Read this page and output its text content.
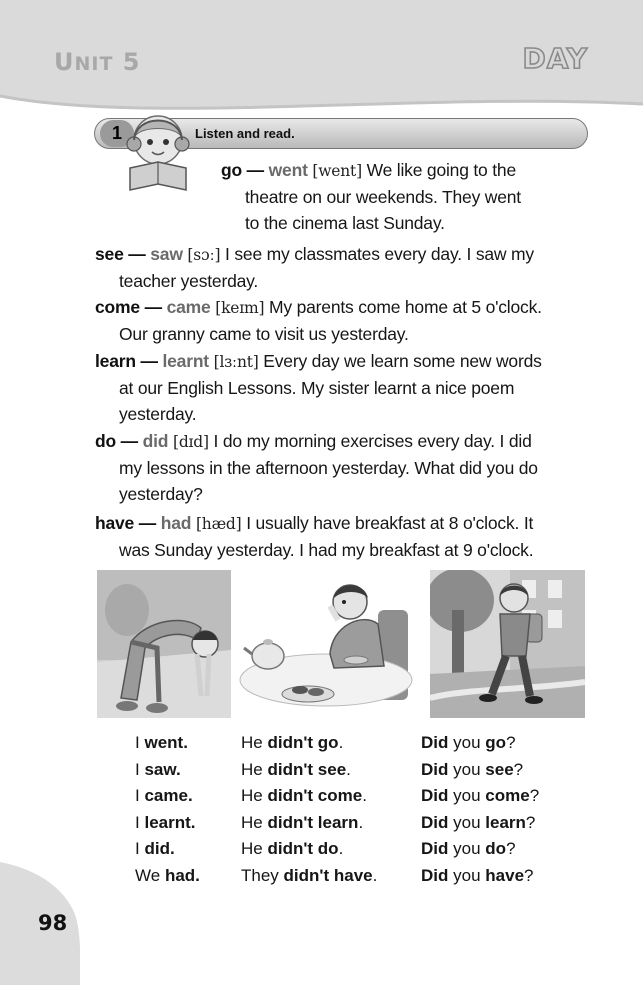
UNIT 5	DAY
1	Listen and read.
go — went [went] We like going to the
theatre on our weekends. They went
to the cinema last Sunday.
see — saw [sɔː] I see my classmates every day. I saw my
teacher yesterday.
come — came [keɪm] My parents come home at 5 o'clock.
Our granny came to visit us yesterday.
learn — learnt [lɜːnt] Every day we learn some new words
at our English Lessons. My sister learnt a nice poem
yesterday.
do — did [dɪd] I do my morning exercises every day. I did
my lessons in the afternoon yesterday. What did you do
yesterday?
have — had [hæd] I usually have breakfast at 8 o'clock. It
was Sunday yesterday. I had my breakfast at 9 o'clock.
I went.
I saw.
I came.
I learnt.
I did.
We had.
He didn't go.
He didn't see.
He didn't come.
He didn't learn.
He didn't do.
They didn't have.
Did you go?
Did you see?
Did you come?
Did you learn?
Did you do?
Did you have?
98
